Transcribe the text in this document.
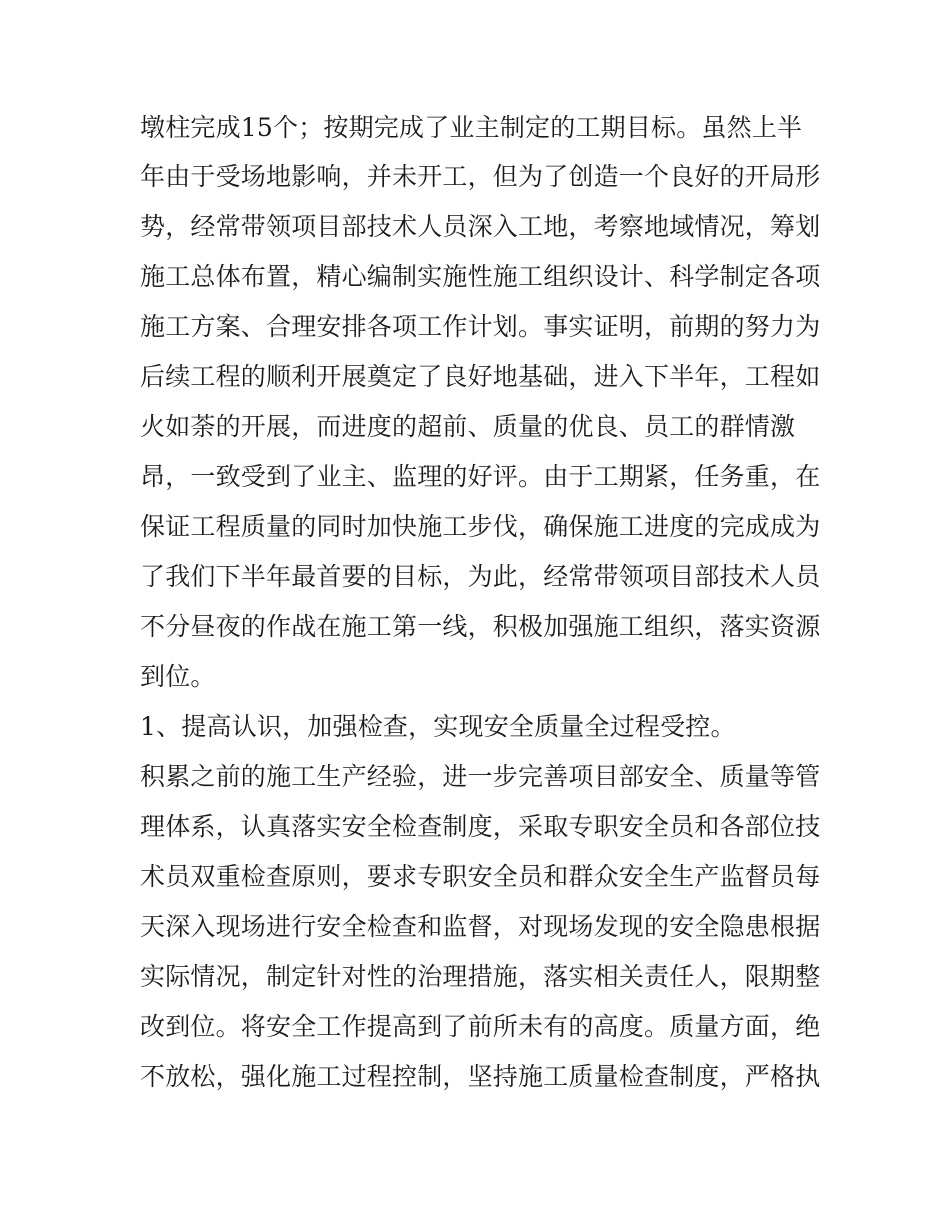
墩柱完成15个；按期完成了业主制定的工期目标。虽然上半
年由于受场地影响，并未开工，但为了创造一个良好的开局形
势，经常带领项目部技术人员深入工地，考察地域情况，筹划
施工总体布置，精心编制实施性施工组织设计、科学制定各项
施工方案、合理安排各项工作计划。事实证明，前期的努力为
后续工程的顺利开展奠定了良好地基础，进入下半年，工程如
火如荼的开展，而进度的超前、质量的优良、员工的群情激
昂，一致受到了业主、监理的好评。由于工期紧，任务重，在
保证工程质量的同时加快施工步伐，确保施工进度的完成成为
了我们下半年最首要的目标，为此，经常带领项目部技术人员
不分昼夜的作战在施工第一线，积极加强施工组织，落实资源
到位。
1、提高认识，加强检查，实现安全质量全过程受控。
积累之前的施工生产经验，进一步完善项目部安全、质量等管
理体系，认真落实安全检查制度，采取专职安全员和各部位技
术员双重检查原则，要求专职安全员和群众安全生产监督员每
天深入现场进行安全检查和监督，对现场发现的安全隐患根据
实际情况，制定针对性的治理措施，落实相关责任人，限期整
改到位。将安全工作提高到了前所未有的高度。质量方面，绝
不放松，强化施工过程控制，坚持施工质量检查制度，严格执
